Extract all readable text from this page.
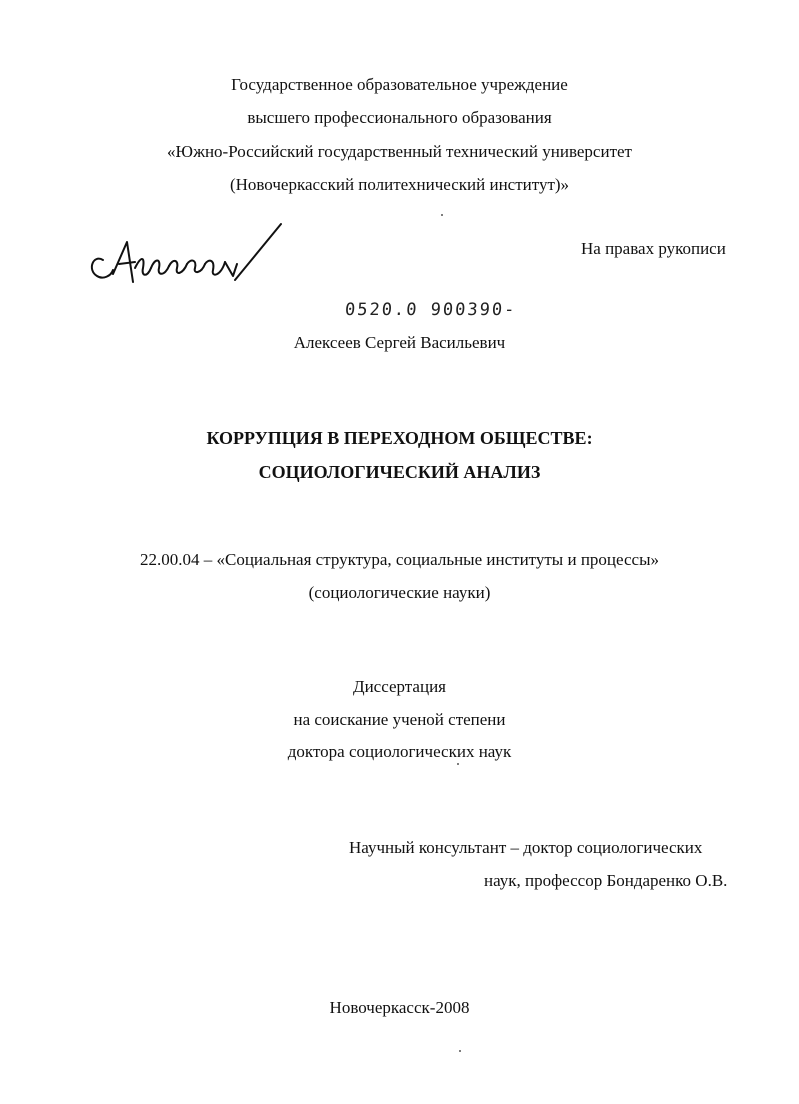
Государственное образовательное учреждение
высшего профессионального образования
«Южно-Российский государственный технический университет
(Новочеркасский политехнический институт)»
На правах рукописи
0520.0 900390-
Алексеев Сергей Васильевич
КОРРУПЦИЯ В ПЕРЕХОДНОМ ОБЩЕСТВЕ:
СОЦИОЛОГИЧЕСКИЙ АНАЛИЗ
22.00.04 – «Социальная структура, социальные институты и процессы»
(социологические науки)
Диссертация
на соискание ученой степени
доктора социологических наук
Научный консультант – доктор социологических
наук, профессор Бондаренко О.В.
Новочеркасск-2008
